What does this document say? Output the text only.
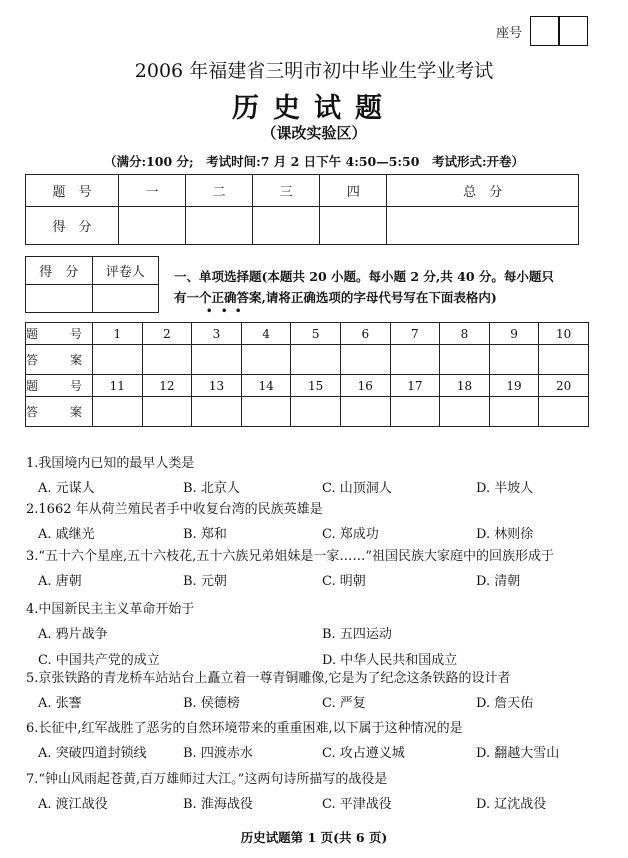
座号
2006 年福建省三明市初中毕业生学业考试
历史试题
（课改实验区）
（满分:100 分;　考试时间:7 月 2 日下午 4:50—5:50　考试形式:开卷）
题　号	一	二	三	四	总　分
得　分					
得　分	评卷人
	一、单项选择题(本题共 20 小题。每小题 2 分,共 40 分。每小题只
有一个正确答案,请将正确选项的字母代号写在下面表格内)
• • •
题　号	1	2	3	4	5	6	7	8	9	10
答　案										
题　号	11	12	13	14	15	16	17	18	19	20
答　案										
1.我国境内已知的最早人类是
A. 元谋人	B. 北京人	C. 山顶洞人	D. 半坡人
2.1662 年从荷兰殖民者手中收复台湾的民族英雄是
A. 戚继光	B. 郑和	C. 郑成功	D. 林则徐
3.“五十六个星座,五十六枝花,五十六族兄弟姐妹是一家……”祖国民族大家庭中的回族形成于
A. 唐朝	B. 元朝	C. 明朝	D. 清朝
4.中国新民主主义革命开始于
A. 鸦片战争	B. 五四运动
C. 中国共产党的成立	D. 中华人民共和国成立
5.京张铁路的青龙桥车站站台上矗立着一尊青铜雕像,它是为了纪念这条铁路的设计者
A. 张謇	B. 侯德榜	C. 严复	D. 詹天佑
6.长征中,红军战胜了恶劣的自然环境带来的重重困难,以下属于这种情况的是
A. 突破四道封锁线	B. 四渡赤水	C. 攻占遵义城	D. 翻越大雪山
7.“钟山风雨起苍黄,百万雄师过大江。”这两句诗所描写的战役是
A. 渡江战役	B. 淮海战役	C. 平津战役	D. 辽沈战役
历史试题第 1 页(共 6 页)
